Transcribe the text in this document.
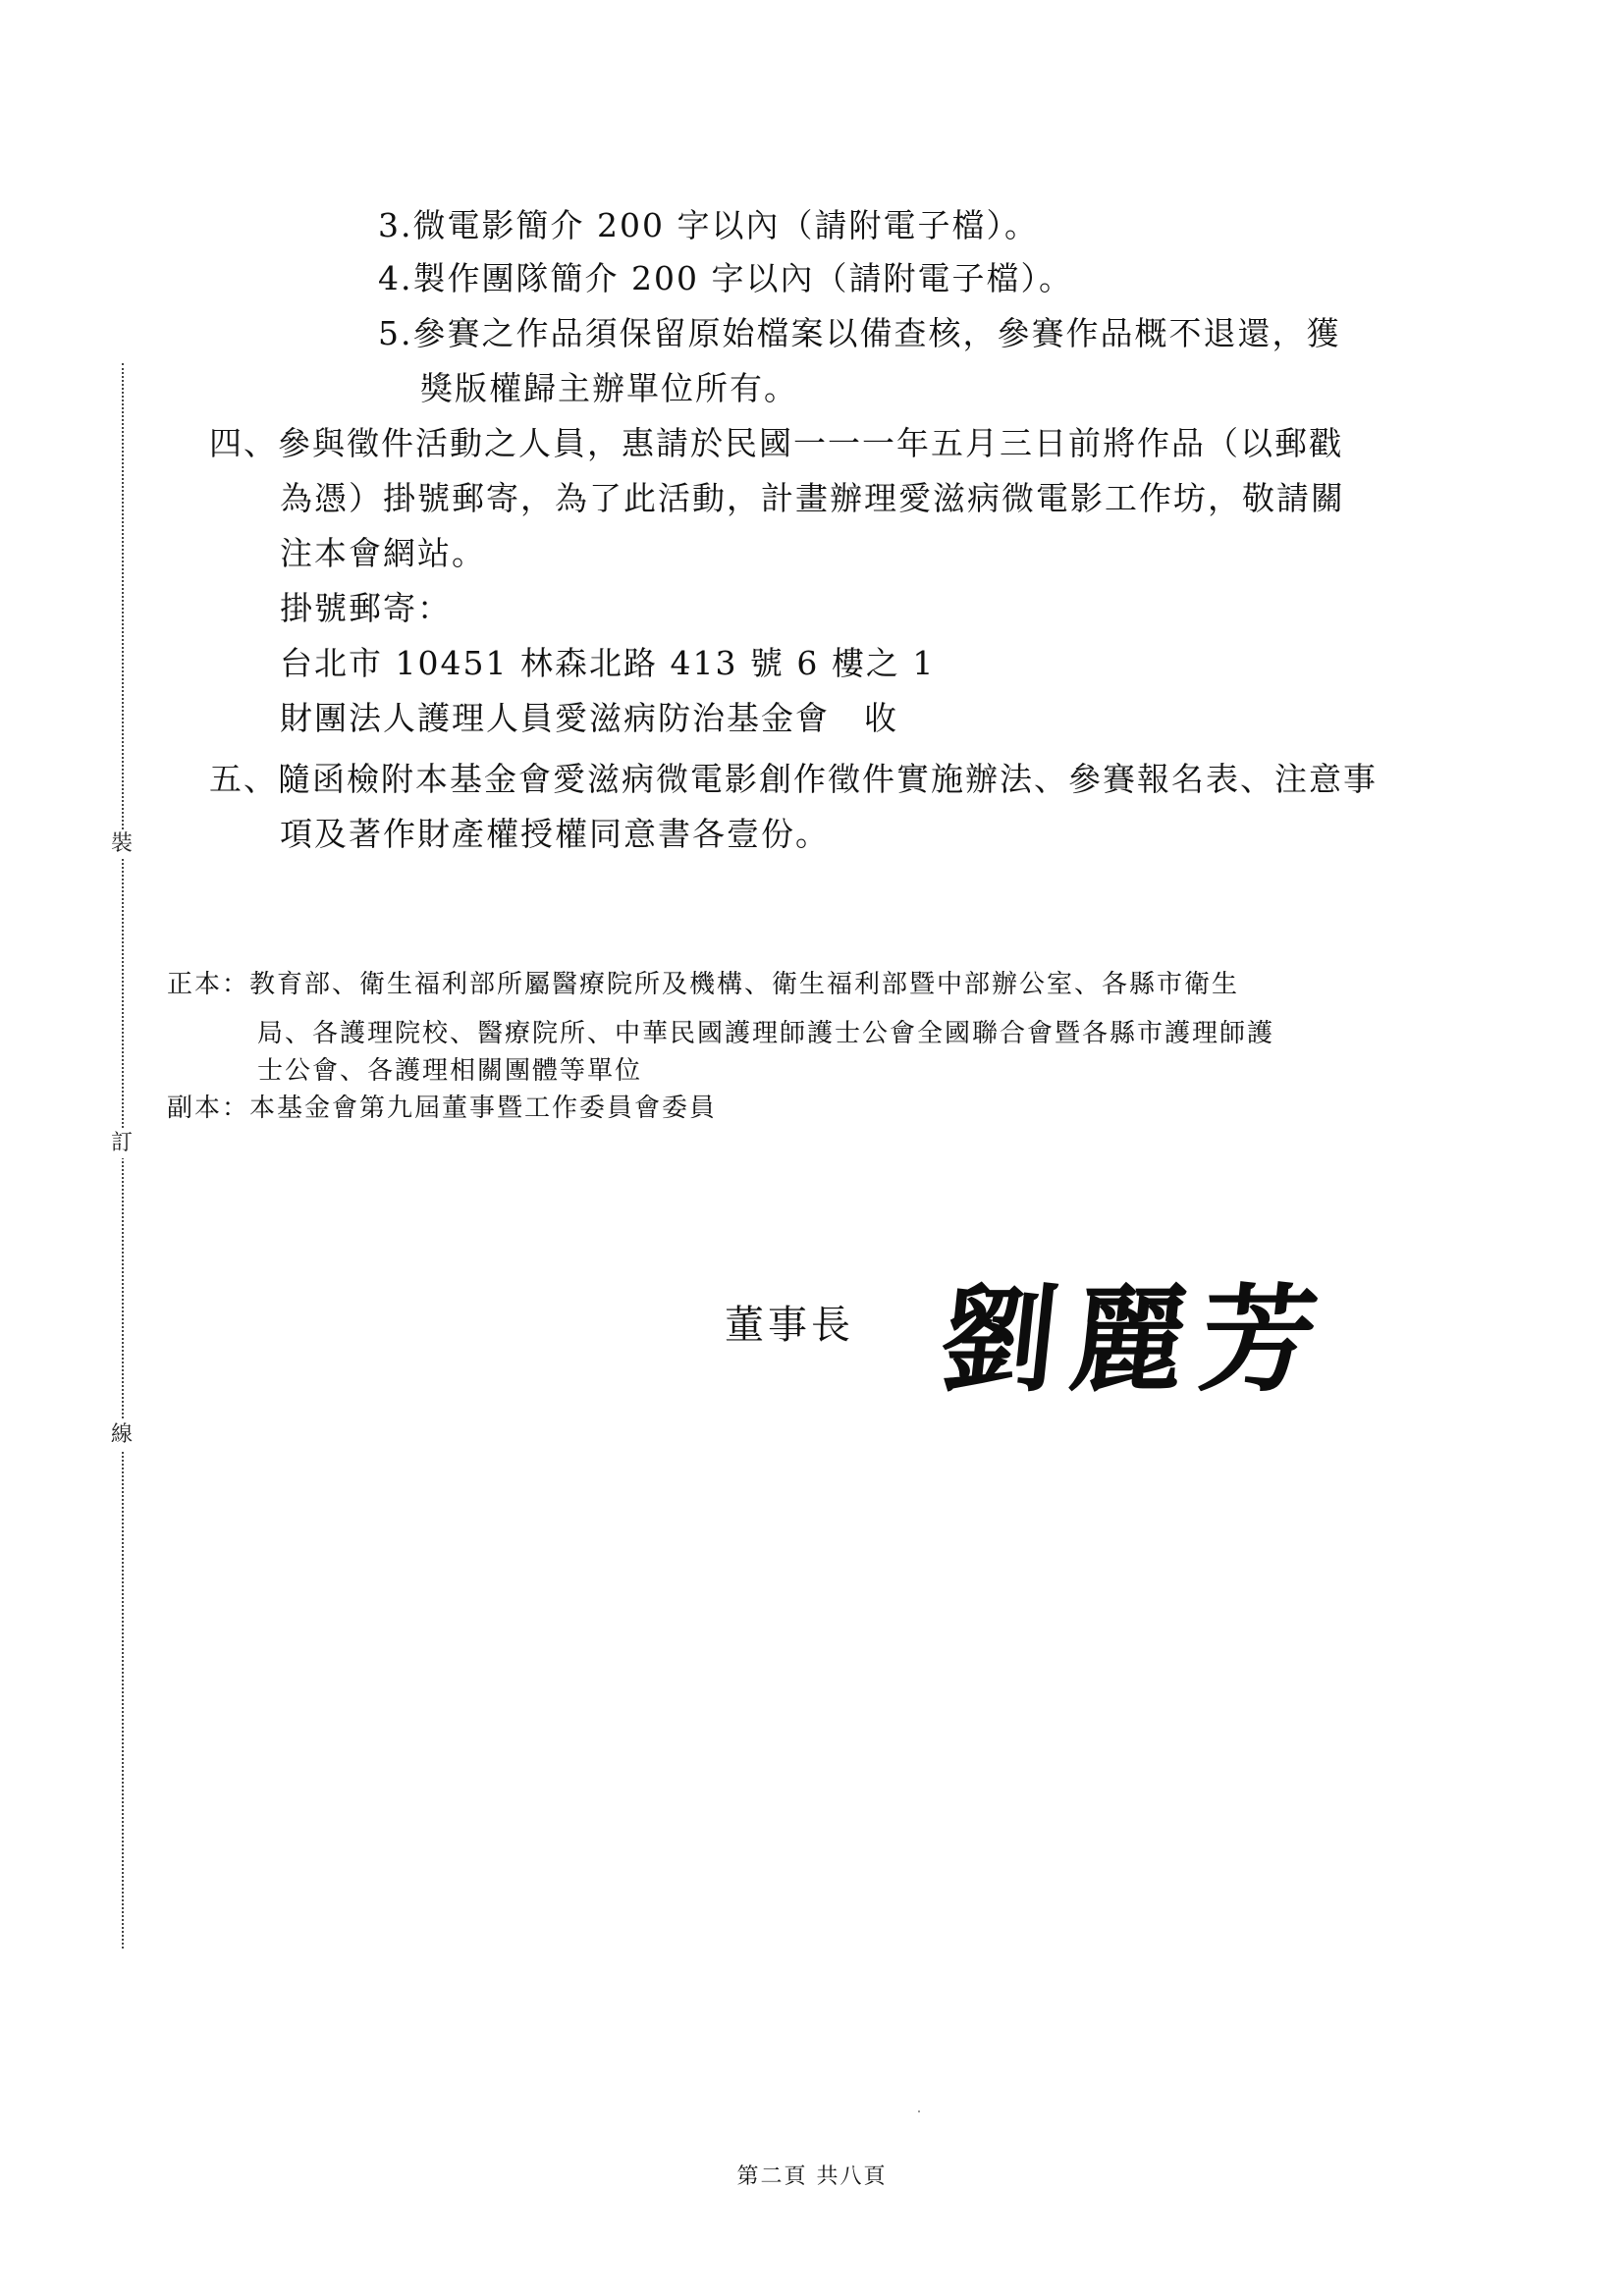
裝
訂
線
3.微電影簡介 200 字以內（請附電子檔）。
4.製作團隊簡介 200 字以內（請附電子檔）。
5.參賽之作品須保留原始檔案以備查核，參賽作品概不退還，獲
獎版權歸主辦單位所有。
四、參與徵件活動之人員，惠請於民國一一一年五月三日前將作品（以郵戳
為憑）掛號郵寄，為了此活動，計畫辦理愛滋病微電影工作坊，敬請關
注本會網站。
掛號郵寄：
台北市 10451 林森北路 413 號 6 樓之 1
財團法人護理人員愛滋病防治基金會　收
五、隨函檢附本基金會愛滋病微電影創作徵件實施辦法、參賽報名表、注意事
項及著作財產權授權同意書各壹份。
正本：教育部、衛生福利部所屬醫療院所及機構、衛生福利部暨中部辦公室、各縣市衛生
局、各護理院校、醫療院所、中華民國護理師護士公會全國聯合會暨各縣市護理師護
士公會、各護理相關團體等單位
副本：本基金會第九屆董事暨工作委員會委員
董事長 劉麗芳
第二頁 共八頁
